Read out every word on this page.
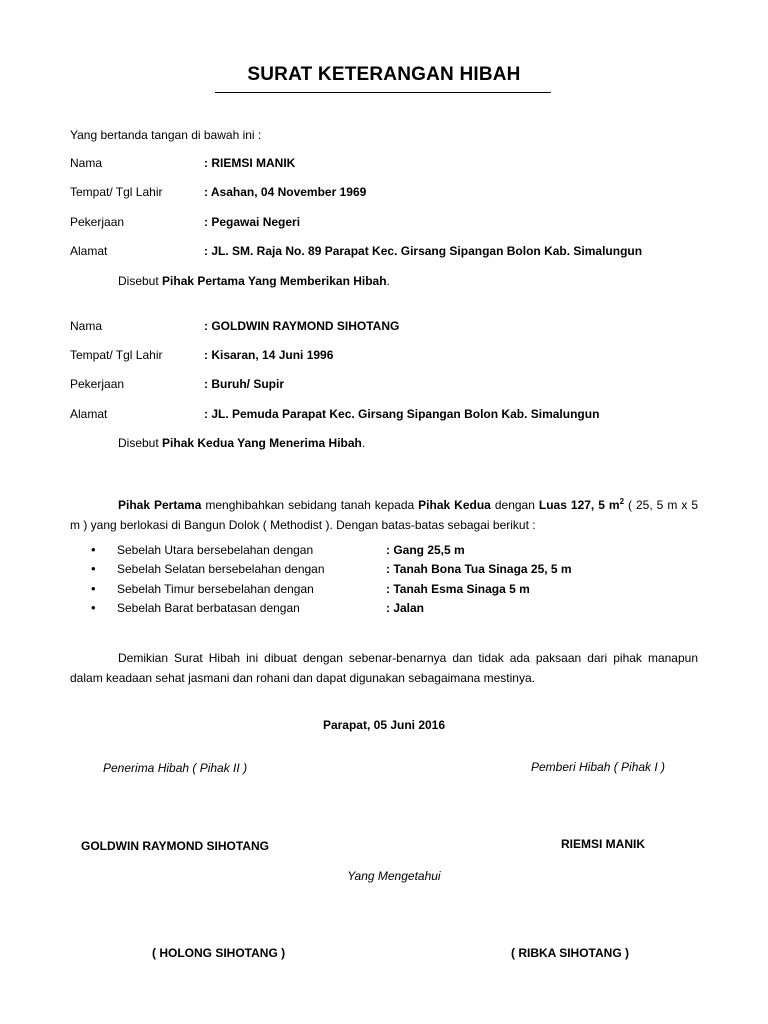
SURAT KETERANGAN HIBAH
Yang bertanda tangan di bawah ini :
Nama	: RIEMSI MANIK
Tempat/ Tgl Lahir	: Asahan, 04 November 1969
Pekerjaan	: Pegawai Negeri
Alamat	: JL. SM. Raja No. 89 Parapat Kec. Girsang Sipangan Bolon Kab. Simalungun
Disebut Pihak Pertama Yang Memberikan Hibah.
Nama	: GOLDWIN RAYMOND SIHOTANG
Tempat/ Tgl Lahir	: Kisaran, 14 Juni 1996
Pekerjaan	: Buruh/ Supir
Alamat	: JL. Pemuda Parapat Kec. Girsang Sipangan Bolon Kab. Simalungun
Disebut Pihak Kedua Yang Menerima Hibah.
Pihak Pertama menghibahkan sebidang tanah kepada Pihak Kedua dengan Luas 127, 5 $m^2$ ( 25, 5 m x 5 m ) yang berlokasi di Bangun Dolok ( Methodist ). Dengan batas-batas sebagai berikut :
• Sebelah Utara bersebelahan dengan	: Gang 25,5 m
• Sebelah Selatan bersebelahan dengan	: Tanah Bona Tua Sinaga 25, 5 m
• Sebelah Timur bersebelahan dengan	: Tanah Esma Sinaga 5 m
• Sebelah Barat berbatasan dengan	: Jalan
Demikian Surat Hibah ini dibuat dengan sebenar-benarnya dan tidak ada paksaan dari pihak manapun dalam keadaan sehat jasmani dan rohani dan dapat digunakan sebagaimana mestinya.
Parapat, 05 Juni 2016
Penerima Hibah ( Pihak II )	Pemberi Hibah ( Pihak I )
GOLDWIN RAYMOND SIHOTANG	RIEMSI MANIK
Yang Mengetahui
( HOLONG SIHOTANG )	( RIBKA SIHOTANG )
